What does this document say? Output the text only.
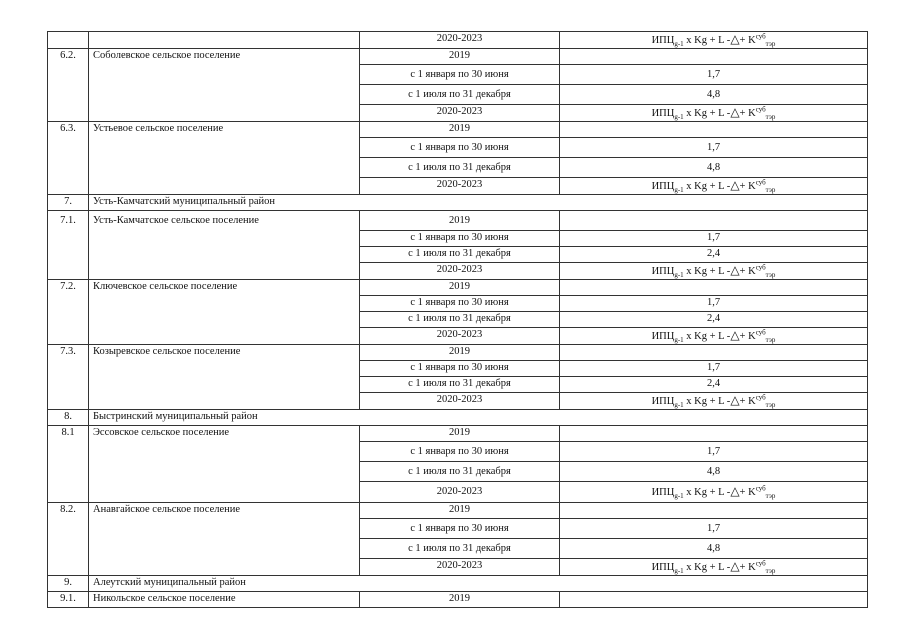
		2020-2023	$ИПЦ_{g-1}$ x Kg + L -△+ $K^{суб}_{тэр}$
6.2.	Соболевское сельское поселение	2019	
		с 1 января по 30 июня	1,7
		с 1 июля по 31 декабря	4,8
		2020-2023	$ИПЦ_{g-1}$ x Kg + L -△+ $K^{суб}_{тэр}$
6.3.	Устьевое сельское поселение	2019	
		с 1 января по 30 июня	1,7
		с 1 июля по 31 декабря	4,8
		2020-2023	$ИПЦ_{g-1}$ x Kg + L -△+ $K^{суб}_{тэр}$
7.	Усть-Камчатский муниципальный район		
7.1.	Усть-Камчатское сельское поселение	2019	
		с 1 января по 30 июня	1,7
		с 1 июля по 31 декабря	2,4
		2020-2023	$ИПЦ_{g-1}$ x Kg + L -△+ $K^{суб}_{тэр}$
7.2.	Ключевское сельское поселение	2019	
		с 1 января по 30 июня	1,7
		с 1 июля по 31 декабря	2,4
		2020-2023	$ИПЦ_{g-1}$ x Kg + L -△+ $K^{суб}_{тэр}$
7.3.	Козыревское сельское поселение	2019	
		с 1 января по 30 июня	1,7
		с 1 июля по 31 декабря	2,4
		2020-2023	$ИПЦ_{g-1}$ x Kg + L -△+ $K^{суб}_{тэр}$
8.	Быстринский муниципальный район		
8.1	Эссовское сельское поселение	2019	
		с 1 января по 30 июня	1,7
		с 1 июля по 31 декабря	4,8
		2020-2023	$ИПЦ_{g-1}$ x Kg + L -△+ $K^{суб}_{тэр}$
8.2.	Анавгайское сельское поселение	2019	
		с 1 января по 30 июня	1,7
		с 1 июля по 31 декабря	4,8
		2020-2023	$ИПЦ_{g-1}$ x Kg + L -△+ $K^{суб}_{тэр}$
9.	Алеутский муниципальный район		
9.1.	Никольское сельское поселение	2019	
